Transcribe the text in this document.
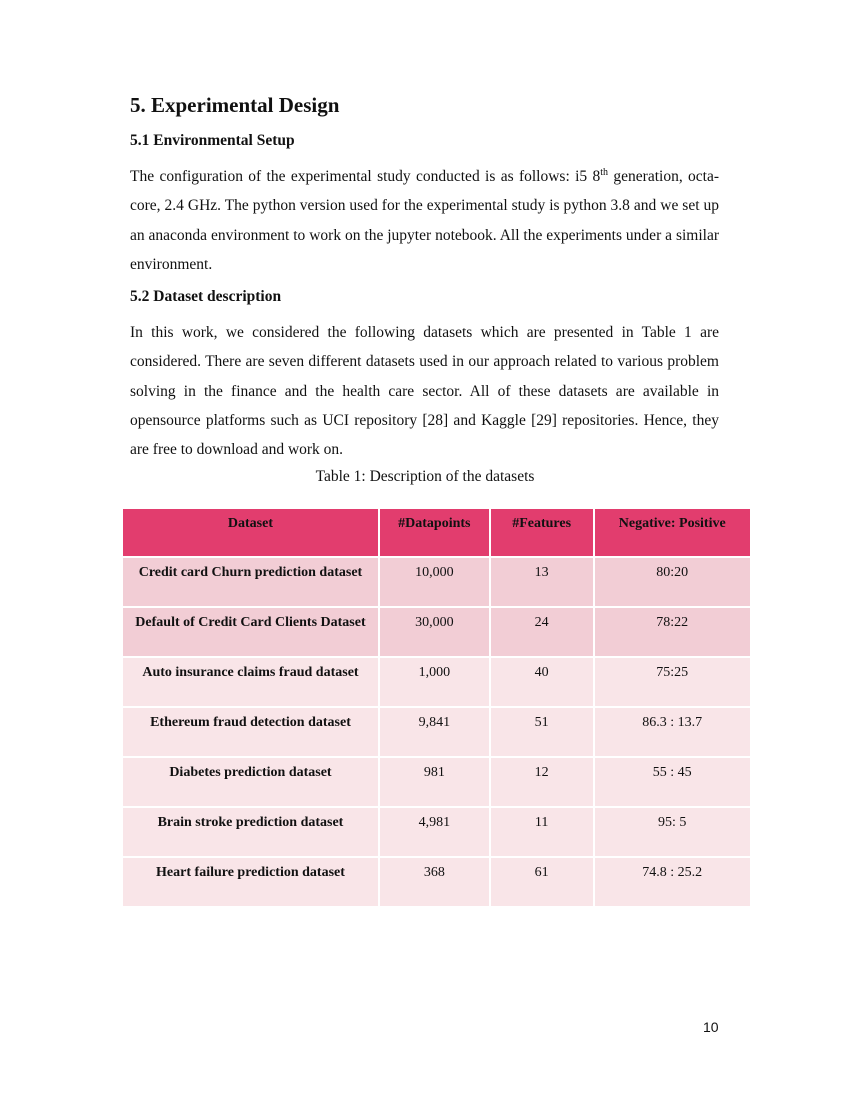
5. Experimental Design
5.1 Environmental Setup

The configuration of the experimental study conducted is as follows: i5 8th generation, octa-core, 2.4 GHz. The python version used for the experimental study is python 3.8 and we set up an anaconda environment to work on the jupyter notebook. All the experiments under a similar environment.

5.2 Dataset description

In this work, we considered the following datasets which are presented in Table 1 are considered. There are seven different datasets used in our approach related to various problem solving in the finance and the health care sector. All of these datasets are available in opensource platforms such as UCI repository [28] and Kaggle [29] repositories. Hence, they are free to download and work on.

Table 1: Description of the datasets
Dataset	#Datapoints	#Features	Negative: Positive
Credit card Churn prediction dataset	10,000	13	80:20
Default of Credit Card Clients Dataset	30,000	24	78:22
Auto insurance claims fraud dataset	1,000	40	75:25
Ethereum fraud detection dataset	9,841	51	86.3 : 13.7
Diabetes prediction dataset	981	12	55 : 45
Brain stroke prediction dataset	4,981	11	95: 5
Heart failure prediction dataset	368	61	74.8 : 25.2
10
